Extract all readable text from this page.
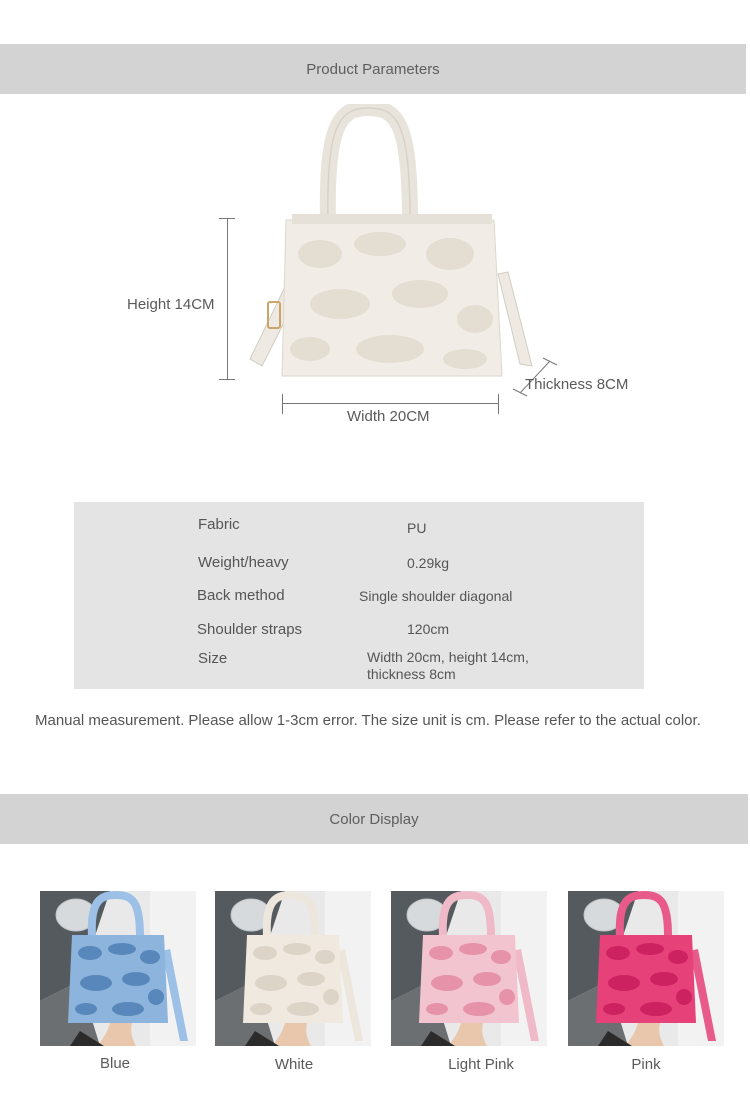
Product Parameters
Height 14CM
Width 20CM
Thickness 8CM
Fabric	PU
Weight/heavy	0.29kg
Back method	Single shoulder diagonal
Shoulder straps	120cm
Size	Width 20cm, height 14cm,
thickness 8cm
Manual measurement. Please allow 1-3cm error. The size unit is cm. Please refer to the actual color.
Color Display
Blue	White	Light Pink	Pink
